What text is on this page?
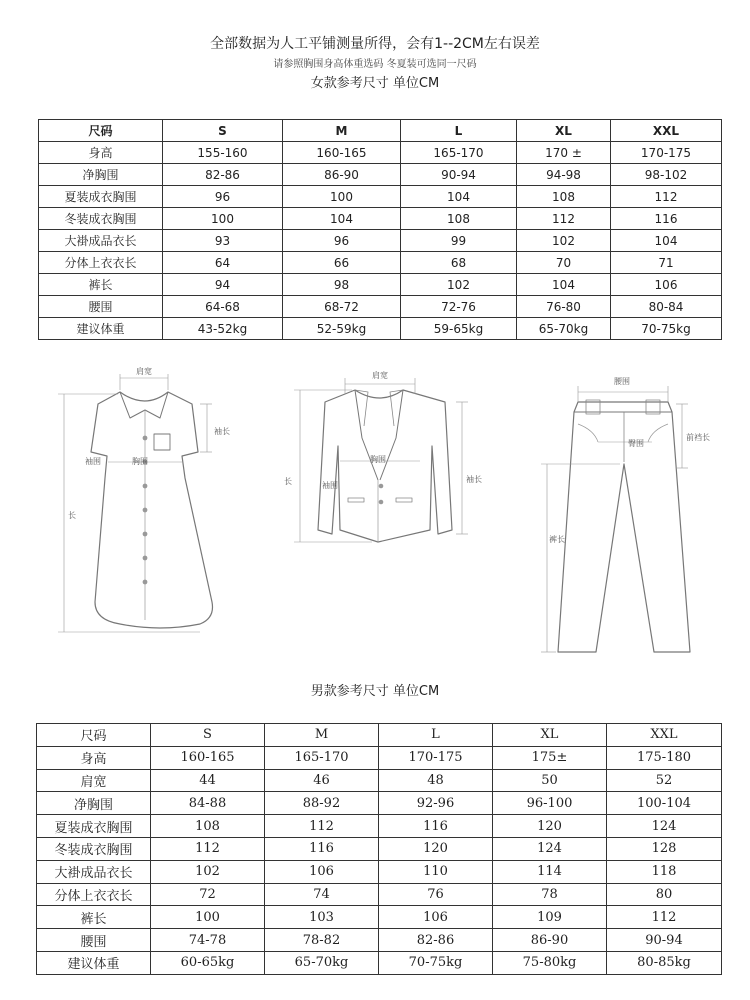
全部数据为人工平铺测量所得，会有1--2CM左右误差
请参照胸围身高体重选码 冬夏装可选同一尺码
女款参考尺寸 单位CM
尺码	S	M	L	XL	XXL
身高	155-160	160-165	165-170	170 ±	170-175
净胸围	82-86	86-90	90-94	94-98	98-102
夏装成衣胸围	96	100	104	108	112
冬装成衣胸围	100	104	108	112	116
大褂成品衣长	93	96	99	102	104
分体上衣衣长	64	66	68	70	71
裤长	94	98	102	104	106
腰围	64-68	68-72	72-76	76-80	80-84
建议体重	43-52kg	52-59kg	59-65kg	65-70kg	70-75kg
肩宽
袖长
袖围	胸围
长
肩宽
胸围
袖围
长	袖长
腰围
前裆长
臀围
裤长
男款参考尺寸 单位CM
尺码	S	M	L	XL	XXL
身高	160-165	165-170	170-175	175±	175-180
肩宽	44	46	48	50	52
净胸围	84-88	88-92	92-96	96-100	100-104
夏装成衣胸围	108	112	116	120	124
冬装成衣胸围	112	116	120	124	128
大褂成品衣长	102	106	110	114	118
分体上衣衣长	72	74	76	78	80
裤长	100	103	106	109	112
腰围	74-78	78-82	82-86	86-90	90-94
建议体重	60-65kg	65-70kg	70-75kg	75-80kg	80-85kg
